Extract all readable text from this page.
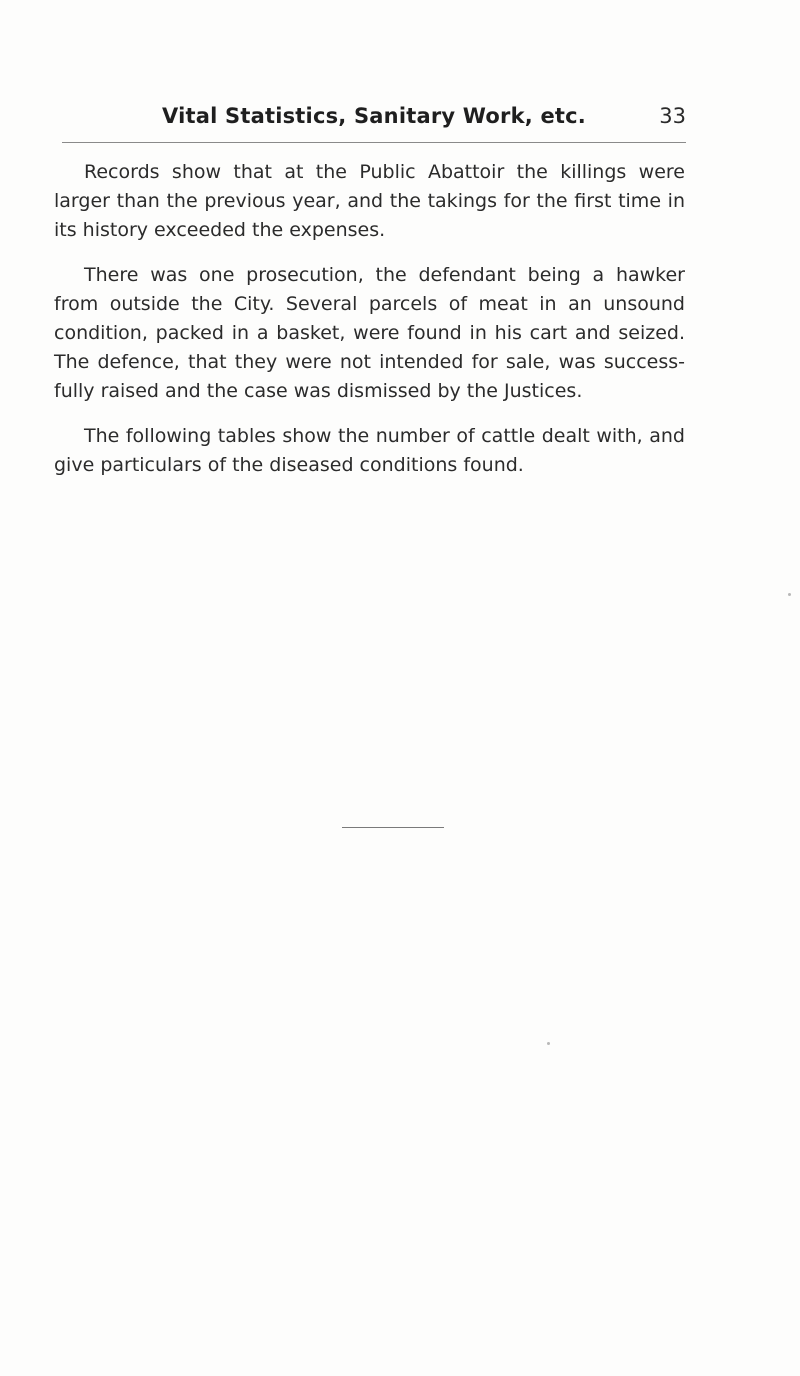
Vital Statistics, Sanitary Work, etc.	33

Records show that at the Public Abattoir the killings were larger than the previous year, and the takings for the first time in its history exceeded the expenses.

There was one prosecution, the defendant being a hawker from outside the City. Several parcels of meat in an unsound condition, packed in a basket, were found in his cart and seized. The defence, that they were not intended for sale, was success-fully raised and the case was dismissed by the Justices.

The following tables show the number of cattle dealt with, and give particulars of the diseased conditions found.
